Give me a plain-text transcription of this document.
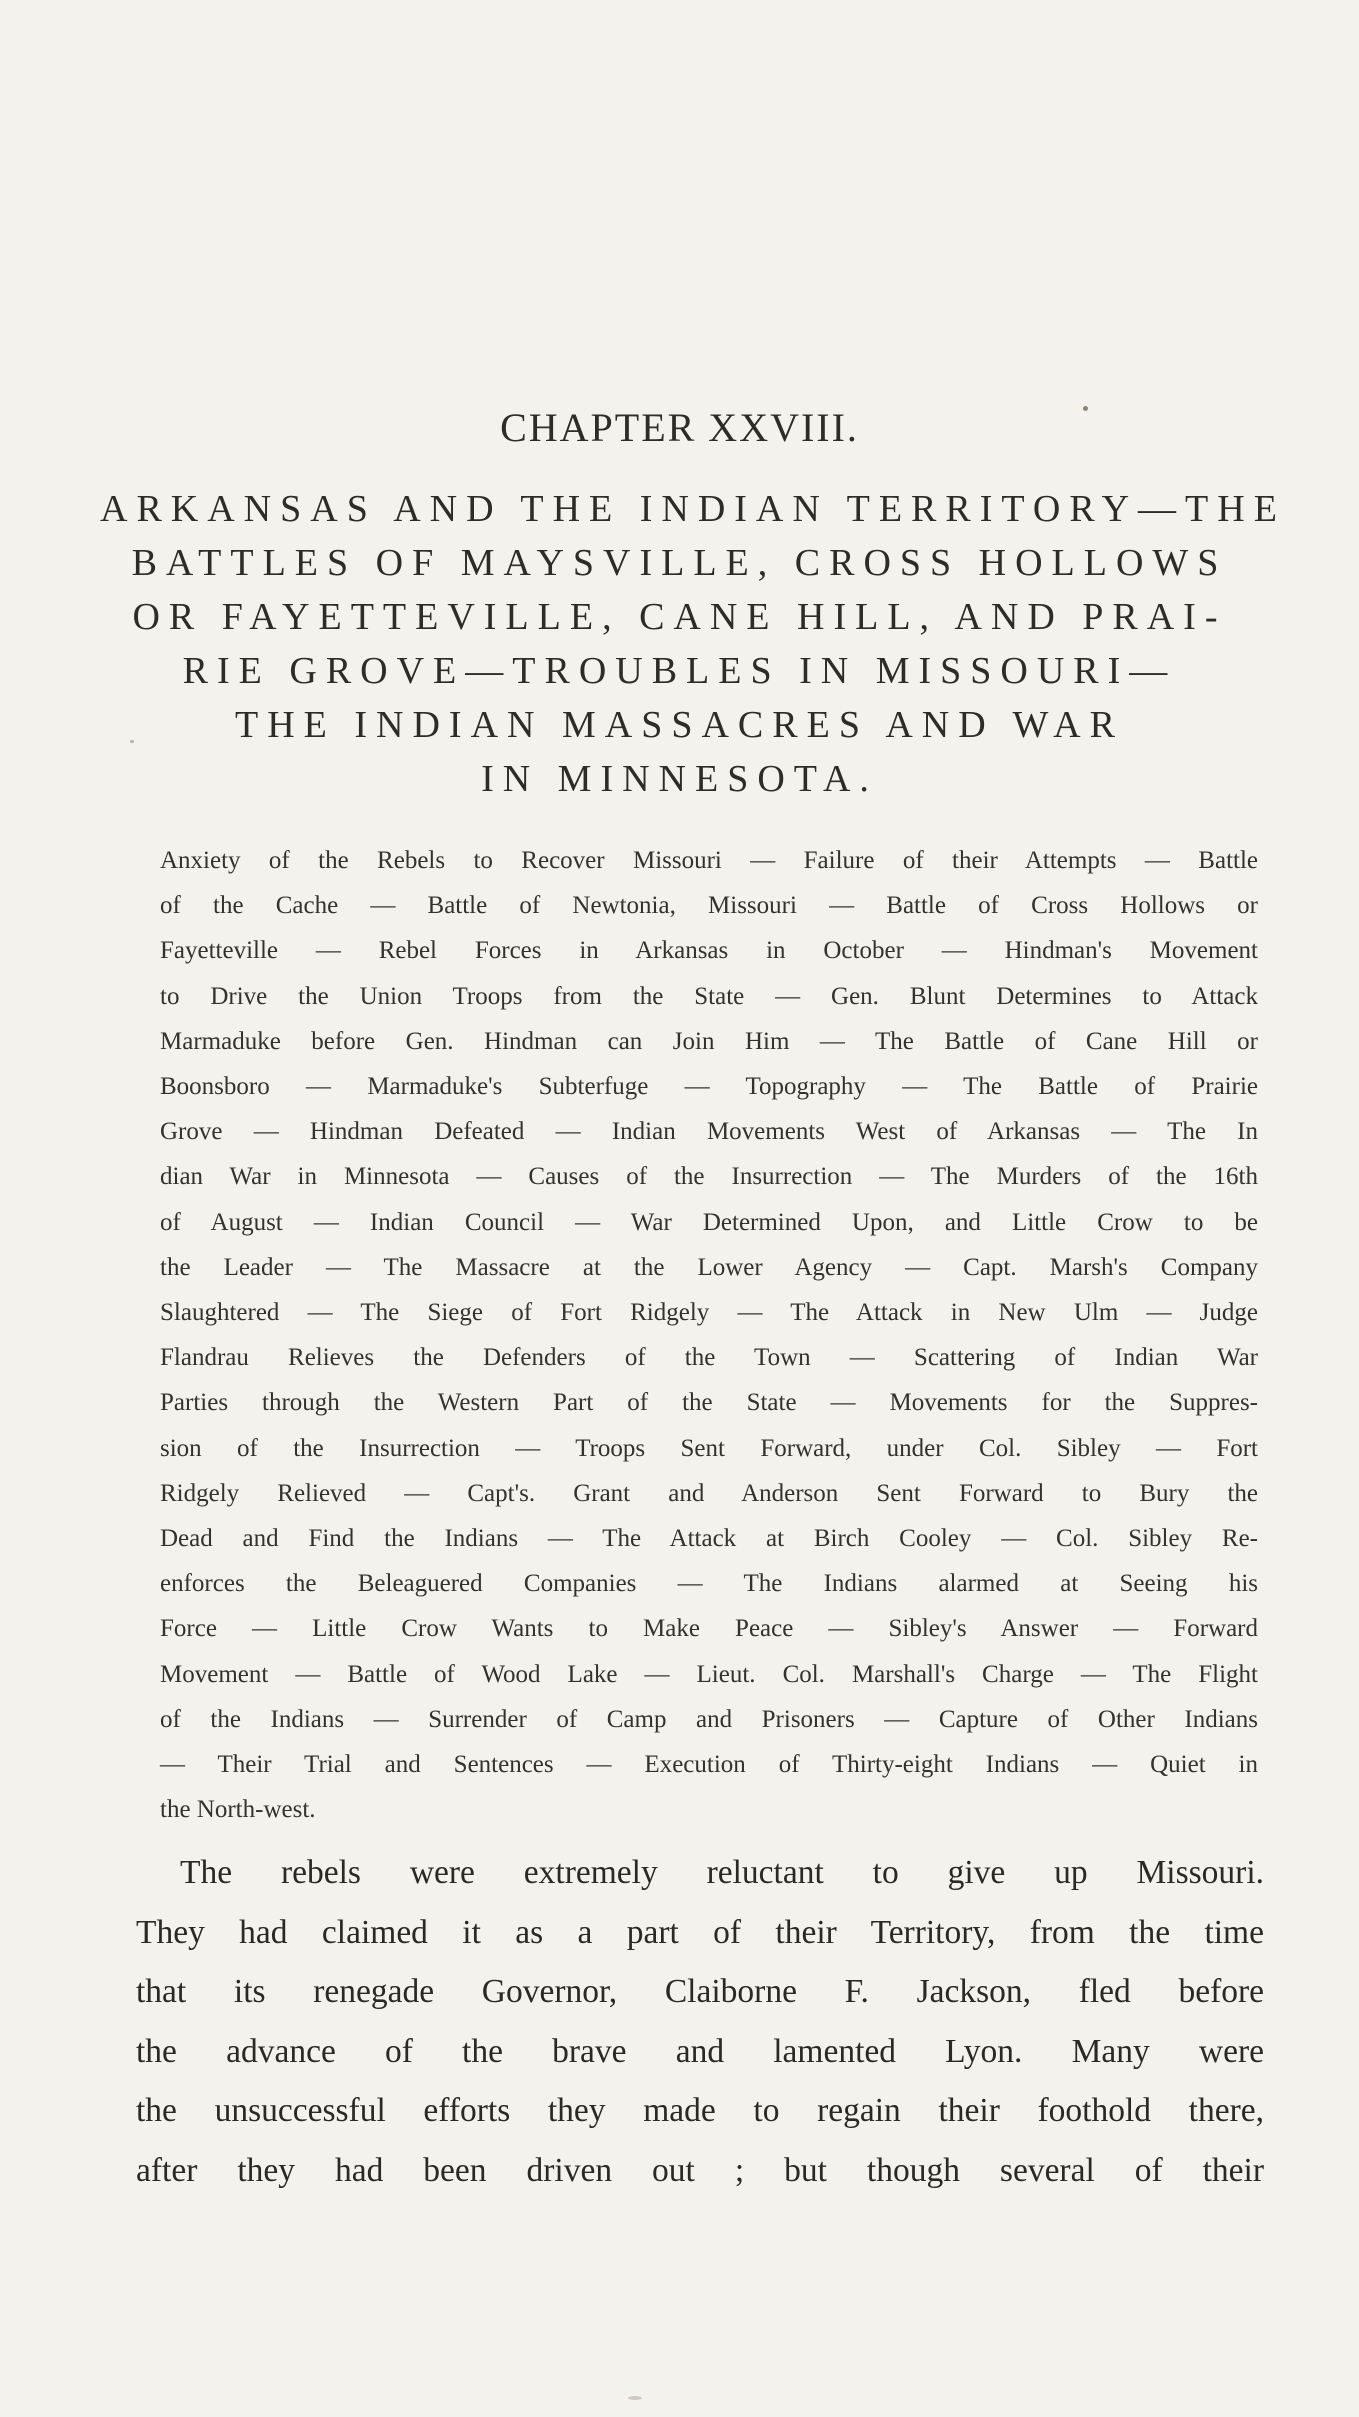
CHAPTER XXVIII.
ARKANSAS AND THE INDIAN TERRITORY—THE
BATTLES OF MAYSVILLE, CROSS HOLLOWS
OR FAYETTEVILLE, CANE HILL, AND PRAI-
RIE GROVE—TROUBLES IN MISSOURI—
THE INDIAN MASSACRES AND WAR
IN MINNESOTA.
Anxiety of the Rebels to Recover Missouri — Failure of their Attempts — Battle
of the Cache — Battle of Newtonia, Missouri — Battle of Cross Hollows or
Fayetteville — Rebel Forces in Arkansas in October — Hindman's Movement
to Drive the Union Troops from the State — Gen. Blunt Determines to Attack
Marmaduke before Gen. Hindman can Join Him — The Battle of Cane Hill or
Boonsboro — Marmaduke's Subterfuge — Topography — The Battle of Prairie
Grove — Hindman Defeated — Indian Movements West of Arkansas — The In
dian War in Minnesota — Causes of the Insurrection — The Murders of the 16th
of August — Indian Council — War Determined Upon, and Little Crow to be
the Leader — The Massacre at the Lower Agency — Capt. Marsh's Company
Slaughtered — The Siege of Fort Ridgely — The Attack in New Ulm — Judge
Flandrau Relieves the Defenders of the Town — Scattering of Indian War
Parties through the Western Part of the State — Movements for the Suppres-
sion of the Insurrection — Troops Sent Forward, under Col. Sibley — Fort
Ridgely Relieved — Capt's. Grant and Anderson Sent Forward to Bury the
Dead and Find the Indians — The Attack at Birch Cooley — Col. Sibley Re-
enforces the Beleaguered Companies — The Indians alarmed at Seeing his
Force — Little Crow Wants to Make Peace — Sibley's Answer — Forward
Movement — Battle of Wood Lake — Lieut. Col. Marshall's Charge — The Flight
of the Indians — Surrender of Camp and Prisoners — Capture of Other Indians
— Their Trial and Sentences — Execution of Thirty-eight Indians — Quiet in
the North-west.
The rebels were extremely reluctant to give up Missouri.
They had claimed it as a part of their Territory, from the time
that its renegade Governor, Claiborne F. Jackson, fled before
the advance of the brave and lamented Lyon. Many were
the unsuccessful efforts they made to regain their foothold there,
after they had been driven out ; but though several of their
